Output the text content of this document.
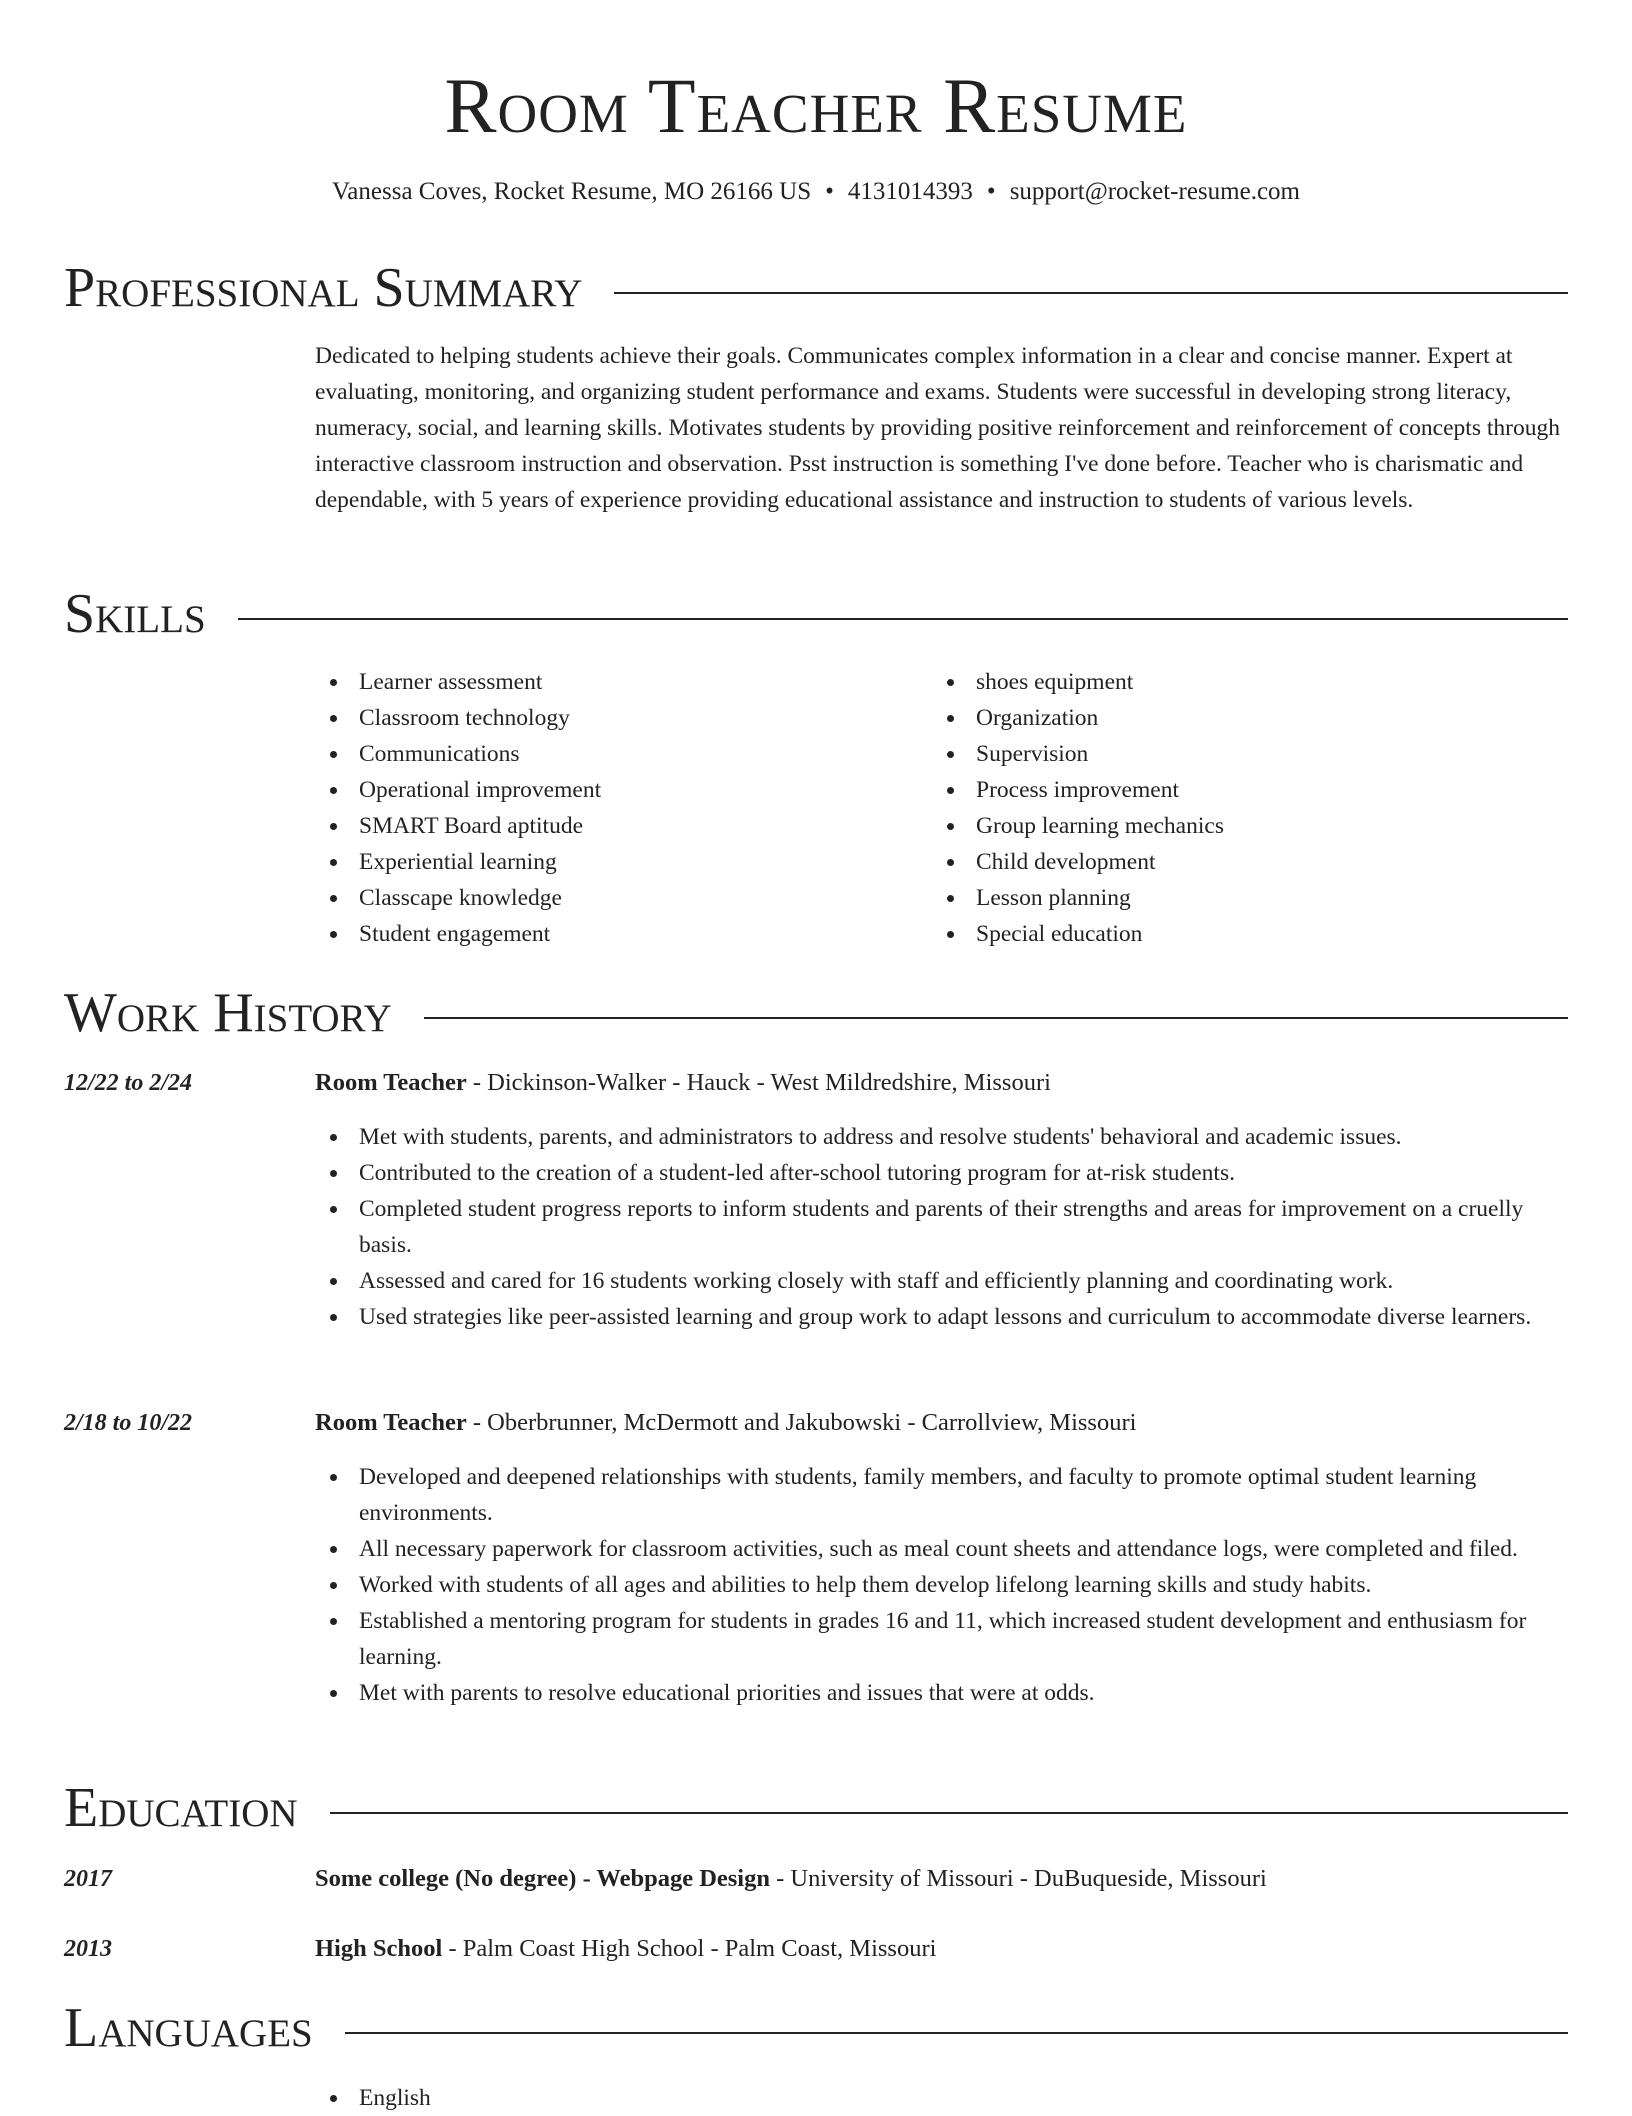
Room Teacher Resume
Vanessa Coves, Rocket Resume, MO 26166 US • 4131014393 • support@rocket-resume.com
Professional Summary

Dedicated to helping students achieve their goals. Communicates complex information in a clear and concise manner. Expert at evaluating, monitoring, and organizing student performance and exams. Students were successful in developing strong literacy, numeracy, social, and learning skills. Motivates students by providing positive reinforcement and reinforcement of concepts through interactive classroom instruction and observation. Psst instruction is something I've done before. Teacher who is charismatic and dependable, with 5 years of experience providing educational assistance and instruction to students of various levels.

Skills
Learner assessment
Classroom technology
Communications
Operational improvement
SMART Board aptitude
Experiential learning
Classcape knowledge
Student engagement
shoes equipment
Organization
Supervision
Process improvement
Group learning mechanics
Child development
Lesson planning
Special education
Work History
12/22 to 2/24	Room Teacher - Dickinson-Walker - Hauck - West Mildredshire, Missouri
Met with students, parents, and administrators to address and resolve students' behavioral and academic issues.
Contributed to the creation of a student-led after-school tutoring program for at-risk students.
Completed student progress reports to inform students and parents of their strengths and areas for improvement on a cruelly basis.
Assessed and cared for 16 students working closely with staff and efficiently planning and coordinating work.
Used strategies like peer-assisted learning and group work to adapt lessons and curriculum to accommodate diverse learners.
2/18 to 10/22	Room Teacher - Oberbrunner, McDermott and Jakubowski - Carrollview, Missouri
Developed and deepened relationships with students, family members, and faculty to promote optimal student learning environments.
All necessary paperwork for classroom activities, such as meal count sheets and attendance logs, were completed and filed.
Worked with students of all ages and abilities to help them develop lifelong learning skills and study habits.
Established a mentoring program for students in grades 16 and 11, which increased student development and enthusiasm for learning.
Met with parents to resolve educational priorities and issues that were at odds.
Education
2017	Some college (No degree) - Webpage Design - University of Missouri - DuBuqueside, Missouri
2013	High School - Palm Coast High School - Palm Coast, Missouri
Languages
English
